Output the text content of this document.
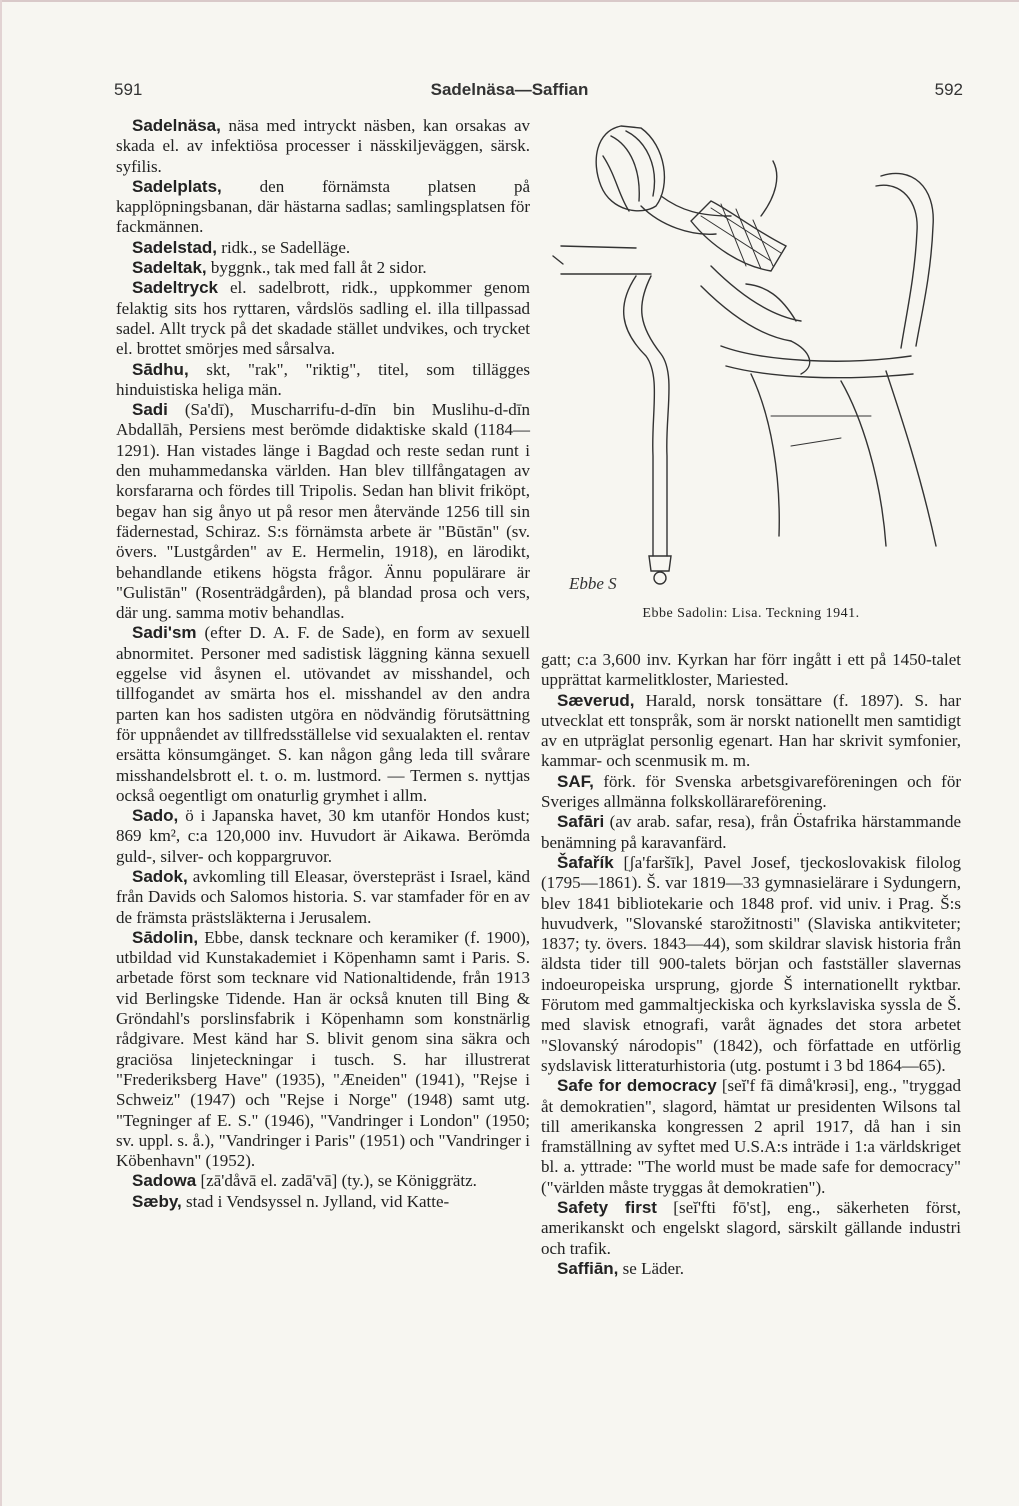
591	Sadelnäsa—Saffian	592

Sadelnäsa, näsa med intryckt näsben, kan orsakas av skada el. av infektiösa processer i nässkiljeväggen, särsk. syfilis.

Sadelplats, den förnämsta platsen på kapplöpningsbanan, där hästarna sadlas; samlingsplatsen för fackmännen.

Sadelstad, ridk., se Sadelläge.

Sadeltak, byggnk., tak med fall åt 2 sidor.

Sadeltryck el. sadelbrott, ridk., uppkommer genom felaktig sits hos ryttaren, vårdslös sadling el. illa tillpassad sadel. Allt tryck på det skadade stället undvikes, och trycket el. brottet smörjes med sårsalva.

Sādhu, skt, "rak", "riktig", titel, som tillägges hinduistiska heliga män.

Sadi (Sa'dī), Muscharrifu-d-dīn bin Muslihu-d-dīn Abdallāh, Persiens mest berömde didaktiske skald (1184—1291). Han vistades länge i Bagdad och reste sedan runt i den muhammedanska världen. Han blev tillfångatagen av korsfararna och fördes till Tripolis. Sedan han blivit friköpt, begav han sig ånyo ut på resor men återvände 1256 till sin fädernestad, Schiraz. S:s förnämsta arbete är "Būstān" (sv. övers. "Lustgården" av E. Hermelin, 1918), en lärodikt, behandlande etikens högsta frågor. Ännu populärare är "Gulistān" (Rosenträdgården), på blandad prosa och vers, där ung. samma motiv behandlas.

Sadi'sm (efter D. A. F. de Sade), en form av sexuell abnormitet. Personer med sadistisk läggning känna sexuell eggelse vid åsynen el. utövandet av misshandel, och tillfogandet av smärta hos el. misshandel av den andra parten kan hos sadisten utgöra en nödvändig förutsättning för uppnåendet av tillfredsställelse vid sexualakten el. rentav ersätta könsumgänget. S. kan någon gång leda till svårare misshandelsbrott el. t. o. m. lustmord. — Termen s. nyttjas också oegentligt om onaturlig grymhet i allm.

Sado, ö i Japanska havet, 30 km utanför Hondos kust; 869 km², c:a 120,000 inv. Huvudort är Aikawa. Berömda guld-, silver- och koppargruvor.

Sadok, avkomling till Eleasar, överstepräst i Israel, känd från Davids och Salomos historia. S. var stamfader för en av de främsta prästsläkterna i Jerusalem.

Sādolin, Ebbe, dansk tecknare och keramiker (f. 1900), utbildad vid Kunstakademiet i Köpenhamn samt i Paris. S. arbetade först som tecknare vid Nationaltidende, från 1913 vid Berlingske Tidende. Han är också knuten till Bing & Gröndahl's porslinsfabrik i Köpenhamn som konstnärlig rådgivare. Mest känd har S. blivit genom sina säkra och graciösa linjeteckningar i tusch. S. har illustrerat "Frederiksberg Have" (1935), "Æneiden" (1941), "Rejse i Schweiz" (1947) och "Rejse i Norge" (1948) samt utg. "Tegninger af E. S." (1946), "Vandringer i London" (1950; sv. uppl. s. å.), "Vandringer i Paris" (1951) och "Vandringer i Köbenhavn" (1952).

Sadowa [zā'dåvā el. zadā'vā] (ty.), se Königgrätz.

Sæby, stad i Vendsyssel n. Jylland, vid Katte-

Ebbe S
Ebbe Sadolin: Lisa. Teckning 1941.

gatt; c:a 3,600 inv. Kyrkan har förr ingått i ett på 1450-talet upprättat karmelitkloster, Mariested.

Sæverud, Harald, norsk tonsättare (f. 1897). S. har utvecklat ett tonspråk, som är norskt nationellt men samtidigt av en utpräglat personlig egenart. Han har skrivit symfonier, kammar- och scenmusik m. m.

SAF, förk. för Svenska arbetsgivareföreningen och för Sveriges allmänna folkskollärareförening.

Safāri (av arab. safar, resa), från Östafrika härstammande benämning på karavanfärd.

Šafařík [ʃa'faršīk], Pavel Josef, tjeckoslovakisk filolog (1795—1861). Š. var 1819—33 gymnasielärare i Sydungern, blev 1841 bibliotekarie och 1848 prof. vid univ. i Prag. Š:s huvudverk, "Slovanské starožitnosti" (Slaviska antikviteter; 1837; ty. övers. 1843—44), som skildrar slavisk historia från äldsta tider till 900-talets början och fastställer slavernas indoeuropeiska ursprung, gjorde Š internationellt ryktbar. Förutom med gammaltjeckiska och kyrkslaviska syssla de Š. med slavisk etnografi, varåt ägnades det stora arbetet "Slovanský národopis" (1842), och författade en utförlig sydslavisk litteraturhistoria (utg. postumt i 3 bd 1864—65).

Safe for democracy [seĭ'f fā dimå'krəsi], eng., "tryggad åt demokratien", slagord, hämtat ur presidenten Wilsons tal till amerikanska kongressen 2 april 1917, då han i sin framställning av syftet med U.S.A:s inträde i 1:a världskriget bl. a. yttrade: "The world must be made safe for democracy" ("världen måste tryggas åt demokratien").

Safety first [seĭ'fti fō'st], eng., säkerheten först, amerikanskt och engelskt slagord, särskilt gällande industri och trafik.

Saffiān, se Läder.
